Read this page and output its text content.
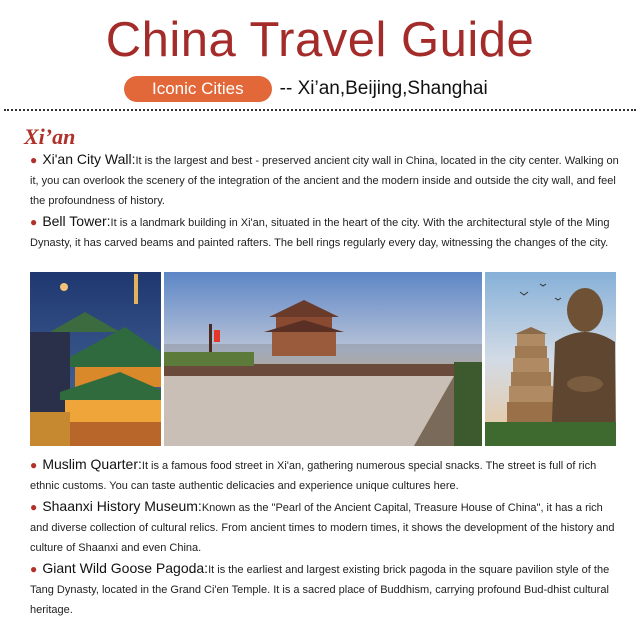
China Travel Guide
Iconic Cities	-- Xi’an,Beijing,Shanghai
Xi’an

● Xi'an City Wall:It is the largest and best - preserved ancient city wall in China, located in the city center. Walking on it, you can overlook the scenery of the integration of the ancient and the modern inside and outside the city wall, and feel the profoundness of history.

● Bell Tower:It is a landmark building in Xi'an, situated in the heart of the city. With the architectural style of the Ming Dynasty, it has carved beams and painted rafters. The bell rings regularly every day, witnessing the changes of the city.

● Muslim Quarter:It is a famous food street in Xi'an, gathering numerous special snacks. The street is full of rich ethnic customs. You can taste authentic delicacies and experience unique cultures here.

● Shaanxi History Museum:Known as the "Pearl of the Ancient Capital, Treasure House of China", it has a rich and diverse collection of cultural relics. From ancient times to modern times, it shows the development of the history and culture of Shaanxi and even China.

● Giant Wild Goose Pagoda:It is the earliest and largest existing brick pagoda in the square pavilion style of the Tang Dynasty, located in the Grand Ci'en Temple. It is a sacred place of Buddhism, carrying profound Bud-dhist cultural heritage.
